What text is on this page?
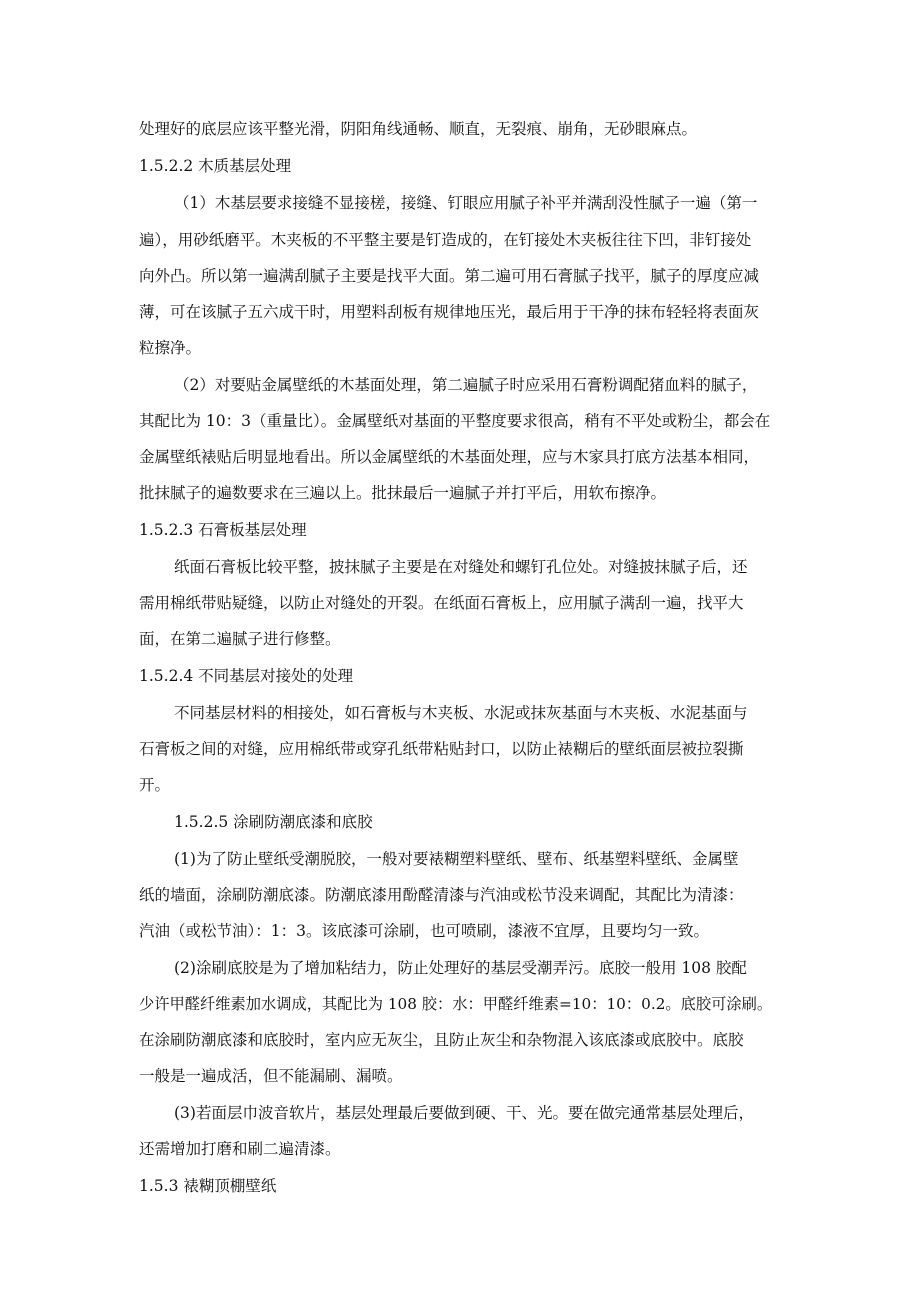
处理好的底层应该平整光滑，阴阳角线通畅、顺直，无裂痕、崩角，无砂眼麻点。

1.5.2.2 木质基层处理

（1）木基层要求接缝不显接槎，接缝、钉眼应用腻子补平并满刮没性腻子一遍（第一

遍），用砂纸磨平。木夹板的不平整主要是钉造成的，在钉接处木夹板往往下凹，非钉接处

向外凸。所以第一遍满刮腻子主要是找平大面。第二遍可用石膏腻子找平，腻子的厚度应减

薄，可在该腻子五六成干时，用塑料刮板有规律地压光，最后用于干净的抹布轻轻将表面灰

粒擦净。

（2）对要贴金属壁纸的木基面处理，第二遍腻子时应采用石膏粉调配猪血料的腻子，

其配比为 10：3（重量比）。金属壁纸对基面的平整度要求很高，稍有不平处或粉尘，都会在

金属壁纸裱贴后明显地看出。所以金属壁纸的木基面处理，应与木家具打底方法基本相同，

批抹腻子的遍数要求在三遍以上。批抹最后一遍腻子并打平后，用软布擦净。

1.5.2.3 石膏板基层处理

纸面石膏板比较平整，披抹腻子主要是在对缝处和螺钉孔位处。对缝披抹腻子后，还

需用棉纸带贴疑缝，以防止对缝处的开裂。在纸面石膏板上，应用腻子满刮一遍，找平大

面，在第二遍腻子进行修整。

1.5.2.4 不同基层对接处的处理

不同基层材料的相接处，如石膏板与木夹板、水泥或抹灰基面与木夹板、水泥基面与

石膏板之间的对缝，应用棉纸带或穿孔纸带粘贴封口，以防止裱糊后的壁纸面层被拉裂撕

开。

1.5.2.5 涂刷防潮底漆和底胶

(1)为了防止壁纸受潮脱胶，一般对要裱糊塑料壁纸、壁布、纸基塑料壁纸、金属壁

纸的墙面，涂刷防潮底漆。防潮底漆用酚醛清漆与汽油或松节没来调配，其配比为清漆：

汽油（或松节油）：1：3。该底漆可涂刷，也可喷刷，漆液不宜厚，且要均匀一致。

(2)涂刷底胶是为了增加粘结力，防止处理好的基层受潮弄污。底胶一般用 108 胶配

少许甲醛纤维素加水调成，其配比为 108 胶：水：甲醛纤维素=10：10：0.2。底胶可涂刷。

在涂刷防潮底漆和底胶时，室内应无灰尘，且防止灰尘和杂物混入该底漆或底胶中。底胶

一般是一遍成活，但不能漏刷、漏喷。

(3)若面层巾波音软片，基层处理最后要做到硬、干、光。要在做完通常基层处理后，

还需增加打磨和刷二遍清漆。

1.5.3 裱糊顶棚壁纸
